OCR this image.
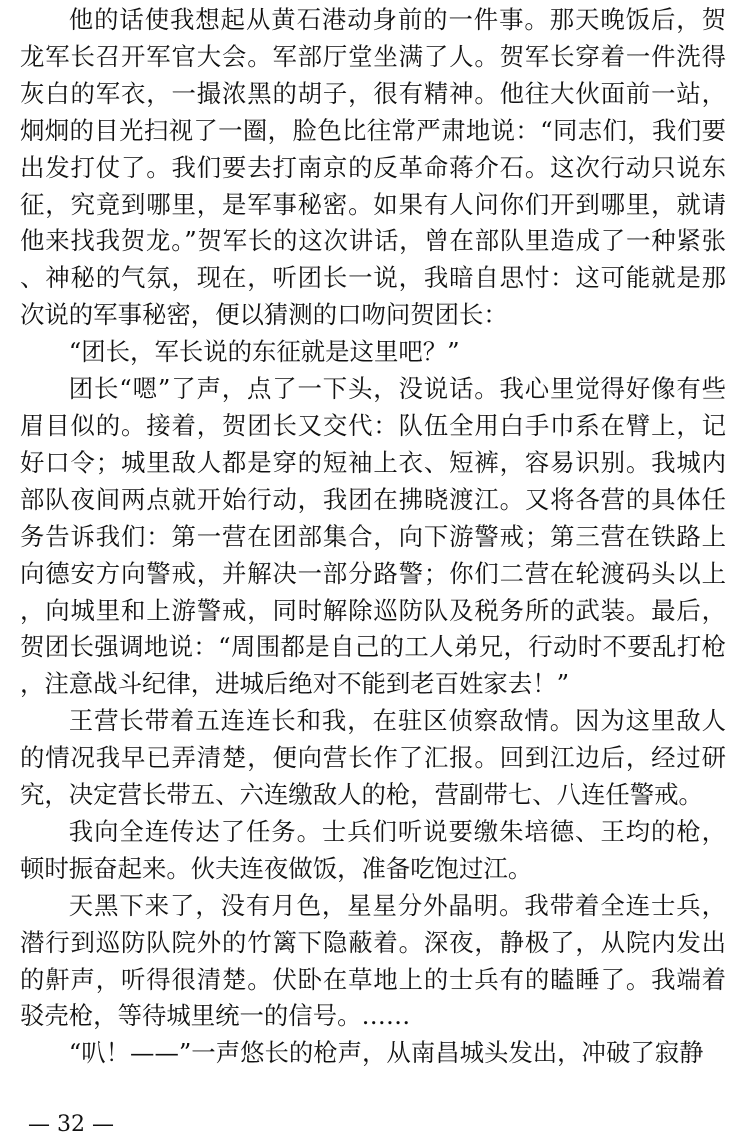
他的话使我想起从黄石港动身前的一件事。那天晚饭后，贺龙军长召开军官大会。军部厅堂坐满了人。贺军长穿着一件洗得灰白的军衣，一撮浓黑的胡子，很有精神。他往大伙面前一站，炯炯的目光扫视了一圈，脸色比往常严肃地说：“同志们，我们要出发打仗了。我们要去打南京的反革命蒋介石。这次行动只说东征，究竟到哪里，是军事秘密。如果有人问你们开到哪里，就请他来找我贺龙。”贺军长的这次讲话，曾在部队里造成了一种紧张、神秘的气氛，现在，听团长一说，我暗自思忖：这可能就是那次说的军事秘密，便以猜测的口吻问贺团长：

“团长，军长说的东征就是这里吧？”

团长“嗯”了声，点了一下头，没说话。我心里觉得好像有些眉目似的。接着，贺团长又交代：队伍全用白手巾系在臂上，记好口令；城里敌人都是穿的短袖上衣、短裤，容易识别。我城内部队夜间两点就开始行动，我团在拂晓渡江。又将各营的具体任务告诉我们：第一营在团部集合，向下游警戒；第三营在铁路上向德安方向警戒，并解决一部分路警；你们二营在轮渡码头以上，向城里和上游警戒，同时解除巡防队及税务所的武装。最后，贺团长强调地说：“周围都是自己的工人弟兄，行动时不要乱打枪，注意战斗纪律，进城后绝对不能到老百姓家去！”

王营长带着五连连长和我，在驻区侦察敌情。因为这里敌人的情况我早已弄清楚，便向营长作了汇报。回到江边后，经过研究，决定营长带五、六连缴敌人的枪，营副带七、八连任警戒。

我向全连传达了任务。士兵们听说要缴朱培德、王均的枪，顿时振奋起来。伙夫连夜做饭，准备吃饱过江。

天黑下来了，没有月色，星星分外晶明。我带着全连士兵，潜行到巡防队院外的竹篱下隐蔽着。深夜，静极了，从院内发出的鼾声，听得很清楚。伏卧在草地上的士兵有的瞌睡了。我端着驳壳枪，等待城里统一的信号。……

“叭！——”一声悠长的枪声，从南昌城头发出，冲破了寂静

— 32 —
